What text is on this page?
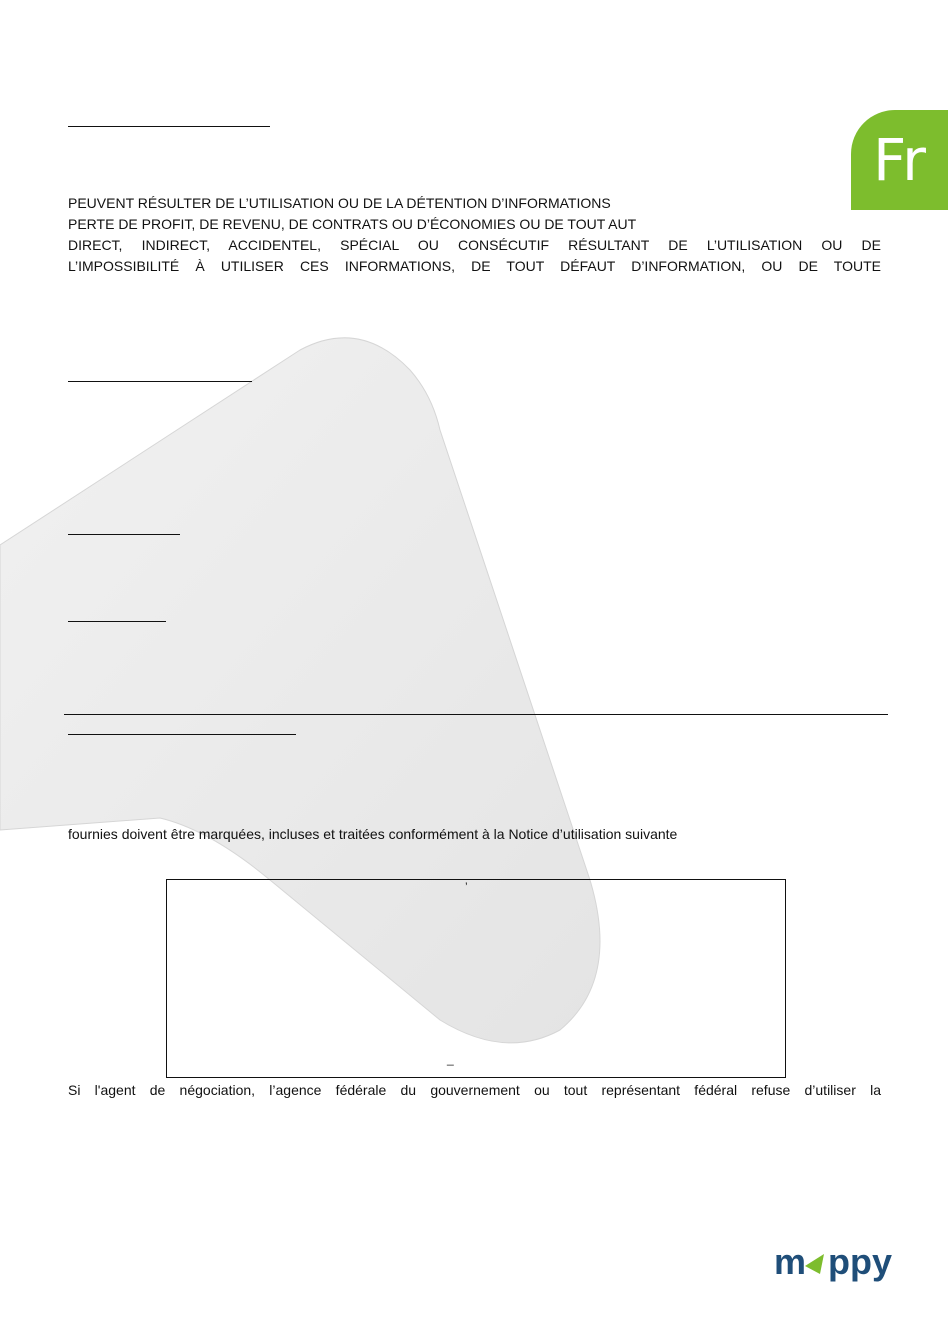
Fr
PEUVENT RÉSULTER DE L’UTILISATION OU DE LA DÉTENTION D’INFORMATIONS
PERTE DE PROFIT, DE REVENU, DE CONTRATS OU D’ÉCONOMIES OU DE TOUT AUT
DIRECT, INDIRECT, ACCIDENTEL, SPÉCIAL OU CONSÉCUTIF RÉSULTANT DE L’UTILISATION OU DE
L’IMPOSSIBILITÉ À UTILISER CES INFORMATIONS, DE TOUT DÉFAUT D’INFORMATION, OU DE TOUTE
fournies doivent être marquées, incluses et traitées conformément à la Notice d’utilisation suivante
’
_
Si l'agent de négociation, l’agence fédérale du gouvernement ou tout représentant fédéral refuse d’utiliser la
m ppy
